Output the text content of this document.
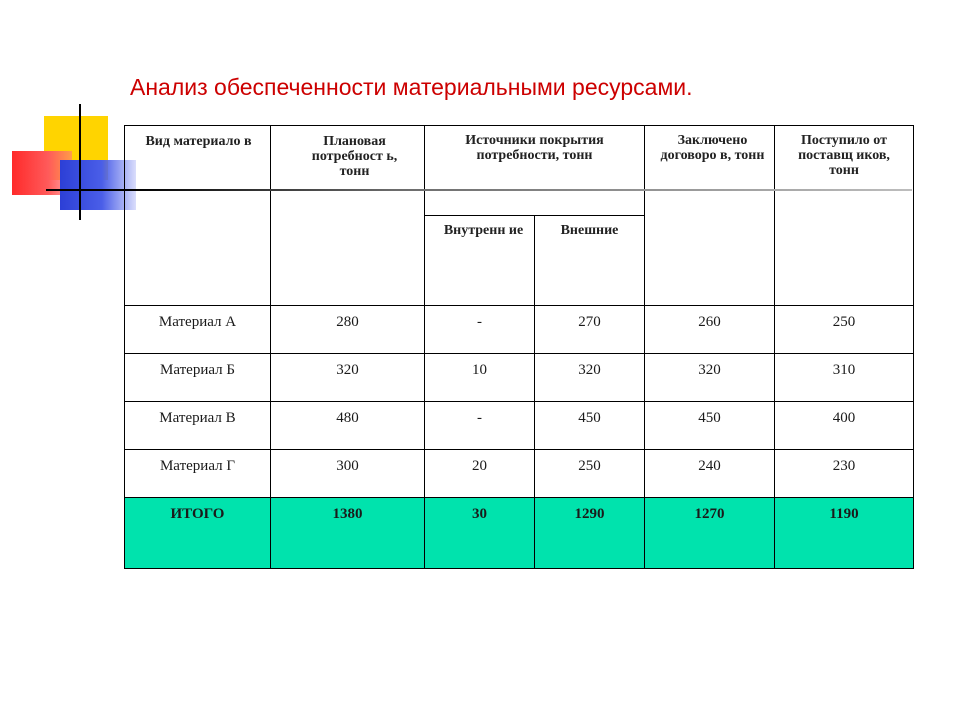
Анализ обеспеченности материальными ресурсами.
Вид материало в	Плановая потребност ь, тонн	Источники покрытия потребности, тонн		Заключено договоро в, тонн	Поступило от поставщ иков, тонн

		Внутренн ие	Внешние		

Материал А	280	-	270	260	250

Материал Б	320	10	320	320	310

Материал В	480	-	450	450	400

Материал Г	300	20	250	240	230

ИТОГО	1380	30	1290	1270	1190
